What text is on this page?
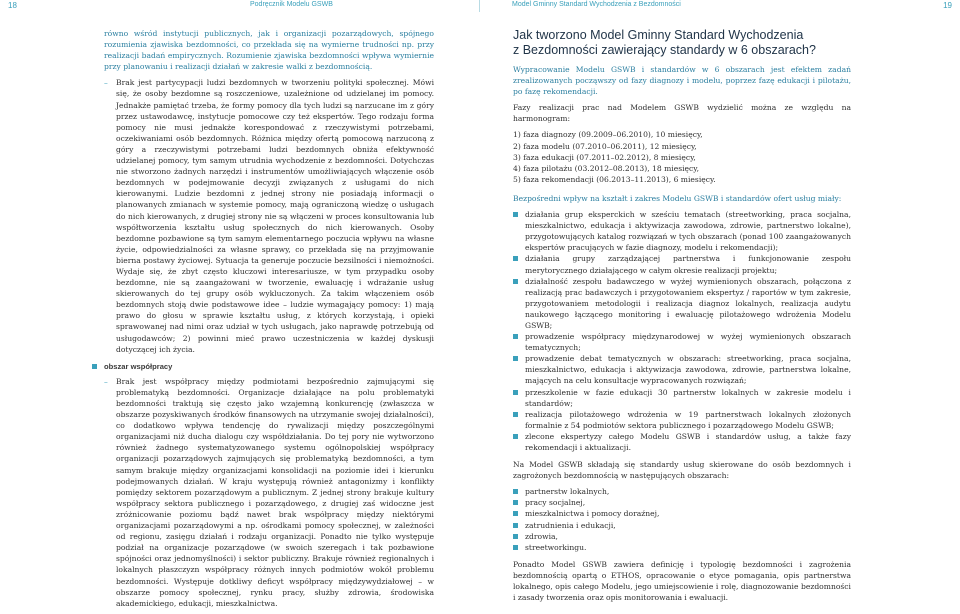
18	Podręcznik Modelu GSWB	Model Gminny Standard Wychodzenia z Bezdomności	19

równo wśród instytucji publicznych, jak i organizacji pozarządowych, spójnego rozumienia zjawiska bezdomności, co przekłada się na wymierne trudności np. przy realizacji badań empirycznych. Rozumienie zjawiska bezdomności wpływa wymiernie przy planowaniu i realizacji działań w zakresie walki z bezdomnością.

– Brak jest partycypacji ludzi bezdomnych w tworzeniu polityki społecznej. Mówi się, że osoby bezdomne są roszczeniowe, uzależnione od udzielanej im pomocy. Jednakże pamiętać trzeba, że formy pomocy dla tych ludzi są narzucane im z góry przez ustawodawcę, instytucje pomocowe czy też ekspertów. Tego rodzaju forma pomocy nie musi jednakże korespondować z rzeczywistymi potrzebami, oczekiwaniami osób bezdomnych. Różnica między ofertą pomocową narzuconą z góry a rzeczywistymi potrzebami ludzi bezdomnych obniża efektywność udzielanej pomocy, tym samym utrudnia wychodzenie z bezdomności. Dotychczas nie stworzono żadnych narzędzi i instrumentów umożliwiających włączenie osób bezdomnych w podejmowanie decyzji związanych z usługami do nich kierowanymi. Ludzie bezdomni z jednej strony nie posiadają informacji o planowanych zmianach w systemie pomocy, mają ograniczoną wiedzę o usługach do nich kierowanych, z drugiej strony nie są włączeni w proces konsultowania lub współtworzenia kształtu usług społecznych do nich kierowanych. Osoby bezdomne pozbawione są tym samym elementarnego poczucia wpływu na własne życie, odpowiedzialności za własne sprawy, co przekłada się na przyjmowanie bierna postawy życiowej. Sytuacja ta generuje poczucie bezsilności i niemożności. Wydaje się, że zbyt często kluczowi interesariusze, w tym przypadku osoby bezdomne, nie są zaangażowani w tworzenie, ewaluację i wdrażanie usług skierowanych do tej grupy osób wykluczonych. Za takim włączeniem osób bezdomnych stoją dwie podstawowe idee – ludzie wymagający pomocy: 1) mają prawo do głosu w sprawie kształtu usług, z których korzystają, i opieki sprawowanej nad nimi oraz udział w tych usługach, jako naprawdę potrzebują od usługodawców; 2) powinni mieć prawo uczestniczenia w każdej dyskusji dotyczącej ich życia.

obszar współpracy

– Brak jest współpracy między podmiotami bezpośrednio zajmującymi się problematyką bezdomności. Organizacje działające na polu problematyki bezdomności traktują się często jako wzajemną konkurencję (zwłaszcza w obszarze pozyskiwanych środków finansowych na utrzymanie swojej działalności), co dodatkowo wpływa tendencję do rywalizacji między poszczególnymi organizacjami niż ducha dialogu czy współdziałania. Do tej pory nie wytworzono również żadnego systematyzowanego systemu ogólnopolskiej współpracy organizacji pozarządowych zajmujących się problematyką bezdomności, a tym samym brakuje między organizacjami konsolidacji na poziomie idei i kierunku podejmowanych działań. W kraju występują również antagonizmy i konflikty pomiędzy sektorem pozarządowym a publicznym. Z jednej strony brakuje kultury współpracy sektora publicznego i pozarządowego, z drugiej zaś widoczne jest zróżnicowanie poziomu bądź nawet brak współpracy między niektórymi organizacjami pozarządowymi a np. ośrodkami pomocy społecznej, w zależności od regionu, zasięgu działań i rodzaju organizacji. Ponadto nie tylko występuje podział na organizacje pozarządowe (w swoich szeregach i tak pozbawione spójności oraz jednomyślności) i sektor publiczny. Brakuje również regionalnych i lokalnych płaszczyzn współpracy różnych innych podmiotów wokół problemu bezdomności. Występuje dotkliwy deficyt współpracy międzywydziałowej – w obszarze pomocy społecznej, rynku pracy, służby zdrowia, środowiska akademickiego, edukacji, mieszkalnictwa.

Jak tworzono Model Gminny Standard Wychodzenia
z Bezdomności zawierający standardy w 6 obszarach?

Wypracowanie Modelu GSWB i standardów w 6 obszarach jest efektem zadań zrealizowanych począwszy od fazy diagnozy i modelu, poprzez fazę edukacji i pilotażu, po fazę rekomendacji.

Fazy realizacji prac nad Modelem GSWB wydzielić można ze względu na harmonogram:

1) faza diagnozy (09.2009–06.2010), 10 miesięcy,
2) faza modelu (07.2010–06.2011), 12 miesięcy,
3) faza edukacji (07.2011–02.2012), 8 miesięcy,
4) faza pilotażu (03.2012–08.2013), 18 miesięcy,
5) faza rekomendacji (06.2013–11.2013), 6 miesięcy.

Bezpośredni wpływ na kształt i zakres Modelu GSWB i standardów ofert usług miały:

działania grup eksperckich w sześciu tematach (streetworking, praca socjalna, mieszkalnictwo, edukacja i aktywizacja zawodowa, zdrowie, partnerstwo lokalne), przygotowujących katalog rozwiązań w tych obszarach (ponad 100 zaangażowanych ekspertów pracujących w fazie diagnozy, modelu i rekomendacji);
działania grupy zarządzającej partnerstwa i funkcjonowanie zespołu merytorycznego działającego w całym okresie realizacji projektu;
działalność zespołu badawczego w wyżej wymienionych obszarach, połączona z realizacją prac badawczych i przygotowaniem ekspertyz / raportów w tym zakresie, przygotowaniem metodologii i realizacja diagnoz lokalnych, realizacja audytu naukowego łączącego monitoring i ewaluację pilotażowego wdrożenia Modelu GSWB;
prowadzenie współpracy międzynarodowej w wyżej wymienionych obszarach tematycznych;
prowadzenie debat tematycznych w obszarach: streetworking, praca socjalna, mieszkalnictwo, edukacja i aktywizacja zawodowa, zdrowie, partnerstwa lokalne, mających na celu konsultacje wypracowanych rozwiązań;
przeszkolenie w fazie edukacji 30 partnerstw lokalnych w zakresie modelu i standardów;
realizacja pilotażowego wdrożenia w 19 partnerstwach lokalnych złożonych formalnie z 54 podmiotów sektora publicznego i pozarządowego Modelu GSWB;
zlecone ekspertyzy całego Modelu GSWB i standardów usług, a także fazy rekomendacji i aktualizacji.

Na Model GSWB składają się standardy usług skierowane do osób bezdomnych i zagrożonych bezdomnością w następujących obszarach:

partnerstw lokalnych,
pracy socjalnej,
mieszkalnictwa i pomocy doraźnej,
zatrudnienia i edukacji,
zdrowia,
streetworkingu.

Ponadto Model GSWB zawiera definicję i typologię bezdomności i zagrożenia bezdomnością opartą o ETHOS, opracowanie o etyce pomagania, opis partnerstwa lokalnego, opis całego Modelu, jego umiejscowienie i rolę, diagnozowanie bezdomności i zasady tworzenia oraz opis monitorowania i ewaluacji.
